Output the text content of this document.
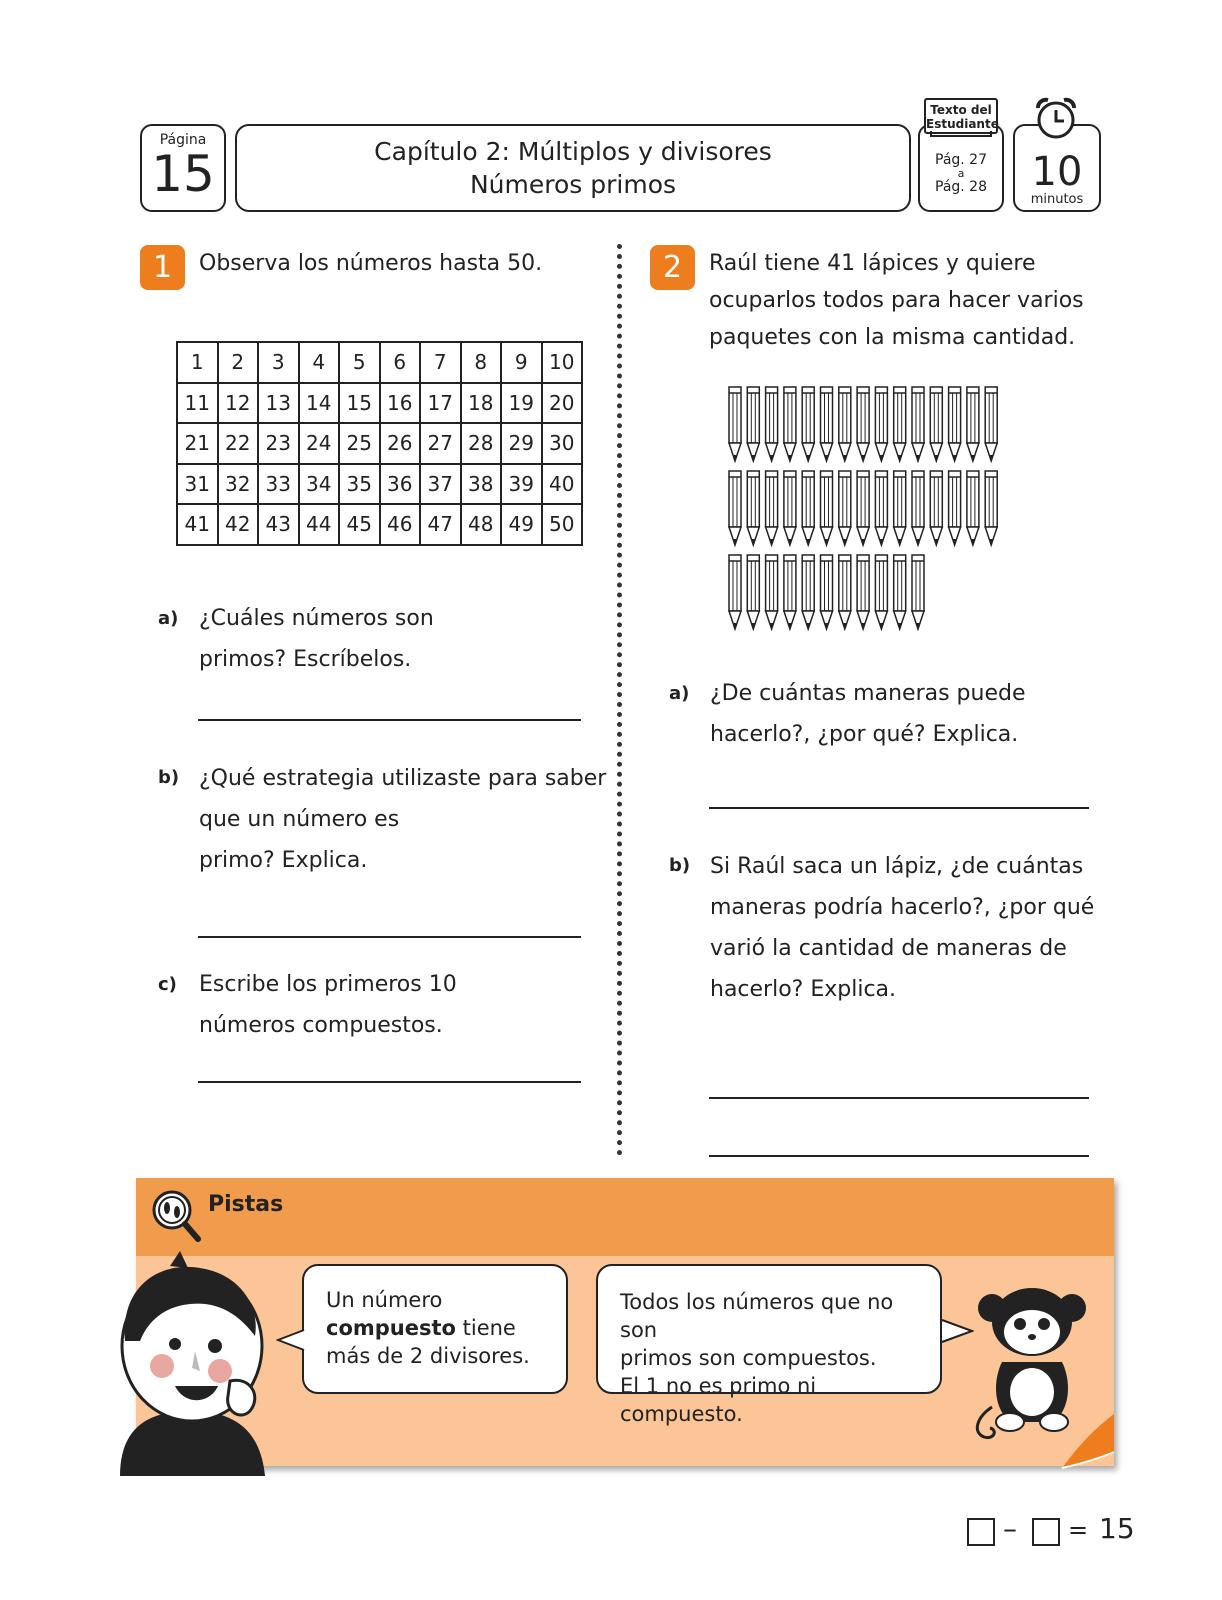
Página
15	Capítulo 2: Múltiplos y divisores
Números primos
Pág. 27
a
Pág. 28
Texto del
Estudiante
10
minutos
1	Observa los números hasta 50.
1	2	3	4	5	6	7	8	9	10
11	12	13	14	15	16	17	18	19	20
21	22	23	24	25	26	27	28	29	30
31	32	33	34	35	36	37	38	39	40
41	42	43	44	45	46	47	48	49	50
a) ¿Cuáles números son
primos? Escríbelos.
b) ¿Qué estrategia utilizaste para saber
que un número es
primo? Explica.
c) Escribe los primeros 10
números compuestos.
2	Raúl tiene 41 lápices y quiere
ocuparlos todos para hacer varios
paquetes con la misma cantidad.
a) ¿De cuántas maneras puede
hacerlo?, ¿por qué? Explica.
b) Si Raúl saca un lápiz, ¿de cuántas
maneras podría hacerlo?, ¿por qué
varió la cantidad de maneras de
hacerlo? Explica.
Pistas
Un número
compuesto tiene
más de 2 divisores.
Todos los números que no son
primos son compuestos.
El 1 no es primo ni compuesto.
– = 15
